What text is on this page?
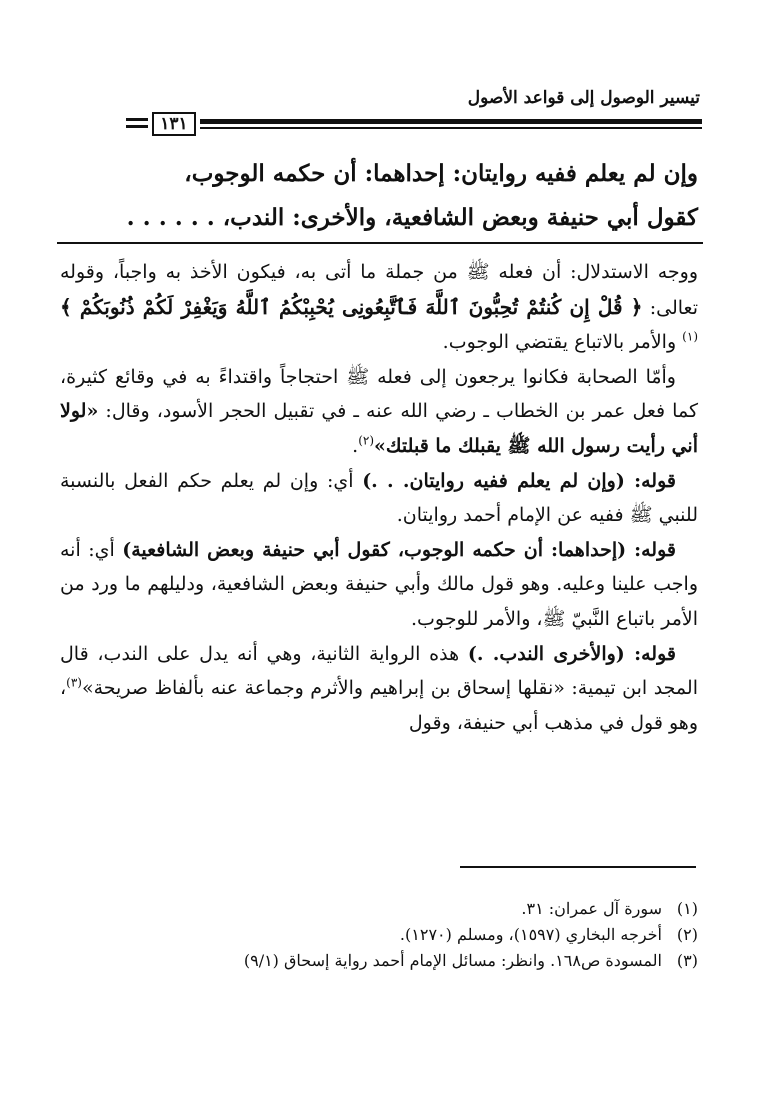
تيسير الوصول إلى قواعد الأصول
١٣١
وإن لم يعلم ففيه روايتان: إحداهما: أن حكمه الوجوب،
كقول أبي حنيفة وبعض الشافعية، والأخرى: الندب، . . . . . .

ووجه الاستدلال: أن فعله ﷺ من جملة ما أتى به، فيكون الأخذ به واجباً، وقوله تعالى: ﴿ قُلْ إِن كُنتُمْ تُحِبُّونَ ٱللَّهَ فَٱتَّبِعُونِى يُحْبِبْكُمُ ٱللَّهُ وَيَغْفِرْ لَكُمْ ذُنُوبَكُمْ ﴾$^{(١)}$ والأمر بالاتباع يقتضي الوجوب.

وأمّا الصحابة فكانوا يرجعون إلى فعله ﷺ احتجاجاً واقتداءً به في وقائع كثيرة، كما فعل عمر بن الخطاب ـ رضي الله عنه ـ في تقبيل الحجر الأسود، وقال: «لولا أني رأيت رسول الله ﷺ يقبلك ما قبلتك»$^{(٢)}$.

قوله: (وإن لم يعلم ففيه روايتان. . .) أي: وإن لم يعلم حكم الفعل بالنسبة للنبي ﷺ ففيه عن الإمام أحمد روايتان.

قوله: (إحداهما: أن حكمه الوجوب، كقول أبي حنيفة وبعض الشافعية) أي: أنه واجب علينا وعليه. وهو قول مالك وأبي حنيفة وبعض الشافعية، ودليلهم ما ورد من الأمر باتباع النَّبيّ ﷺ، والأمر للوجوب.

قوله: (والأخرى الندب. .) هذه الرواية الثانية، وهي أنه يدل على الندب، قال المجد ابن تيمية: «نقلها إسحاق بن إبراهيم والأثرم وجماعة عنه بألفاظ صريحة»$^{(٣)}$، وهو قول في مذهب أبي حنيفة، وقول

(١)سورة آل عمران: ٣١.
(٢)أخرجه البخاري (١٥٩٧)، ومسلم (١٢٧٠).
(٣)المسودة ص١٦٨. وانظر: مسائل الإمام أحمد رواية إسحاق (٩/١)
